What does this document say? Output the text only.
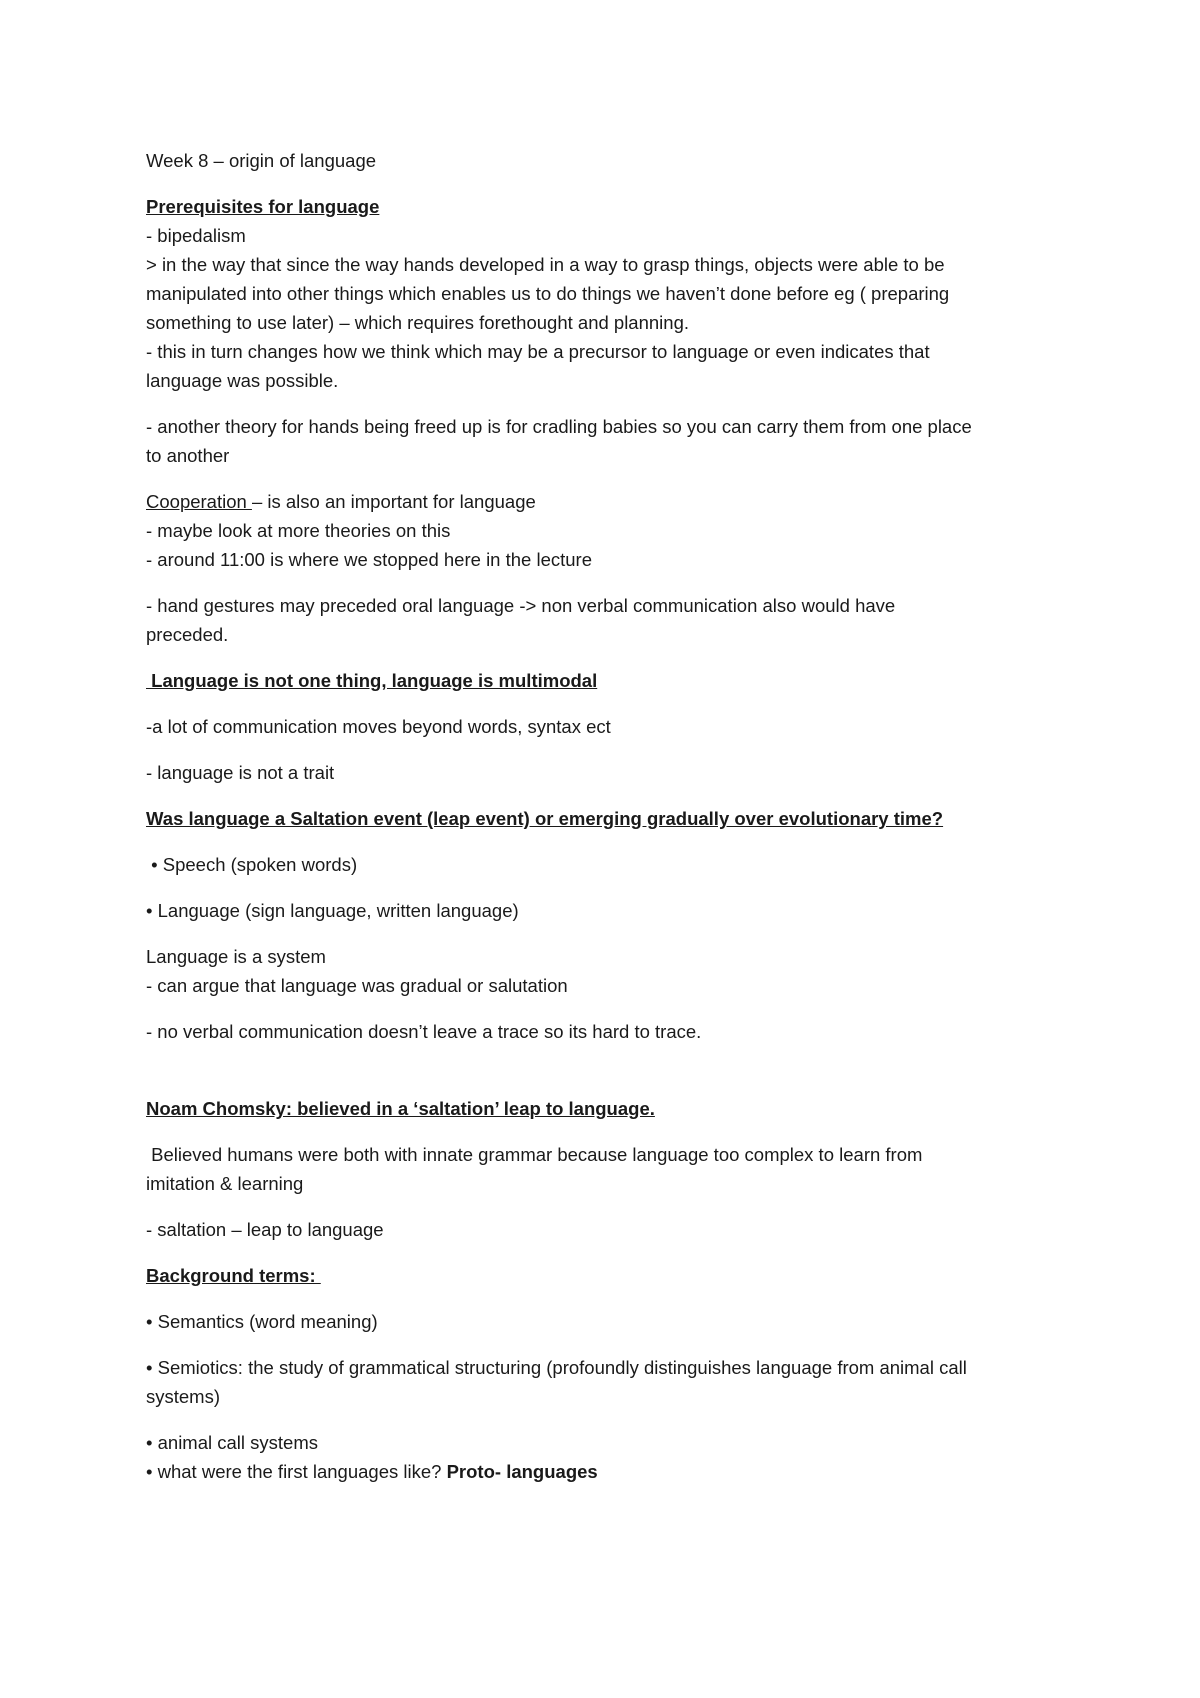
Week 8 – origin of language

Prerequisites for language

- bipedalism

> in the way that since the way hands developed in a way to grasp things, objects were able to be

manipulated into other things which enables us to do things we haven’t done before eg ( preparing

something to use later) – which requires forethought and planning.

- this in turn changes how we think which may be a precursor to language or even indicates that

language was possible.

- another theory for hands being freed up is for cradling babies so you can carry them from one place

to another

Cooperation – is also an important for language

- maybe look at more theories on this

- around 11:00 is where we stopped here in the lecture

- hand gestures may preceded oral language -> non verbal communication also would have

preceded.

Language is not one thing, language is multimodal

-a lot of communication moves beyond words, syntax ect

- language is not a trait

Was language a Saltation event (leap event) or emerging gradually over evolutionary time?

• Speech (spoken words)

• Language (sign language, written language)

Language is a system

- can argue that language was gradual or salutation

- no verbal communication doesn’t leave a trace so its hard to trace.

Noam Chomsky: believed in a ‘saltation’ leap to language.

Believed humans were both with innate grammar because language too complex to learn from

imitation & learning

- saltation – leap to language

Background terms:

• Semantics (word meaning)

• Semiotics: the study of grammatical structuring (profoundly distinguishes language from animal call

systems)

• animal call systems

• what were the first languages like? Proto- languages
